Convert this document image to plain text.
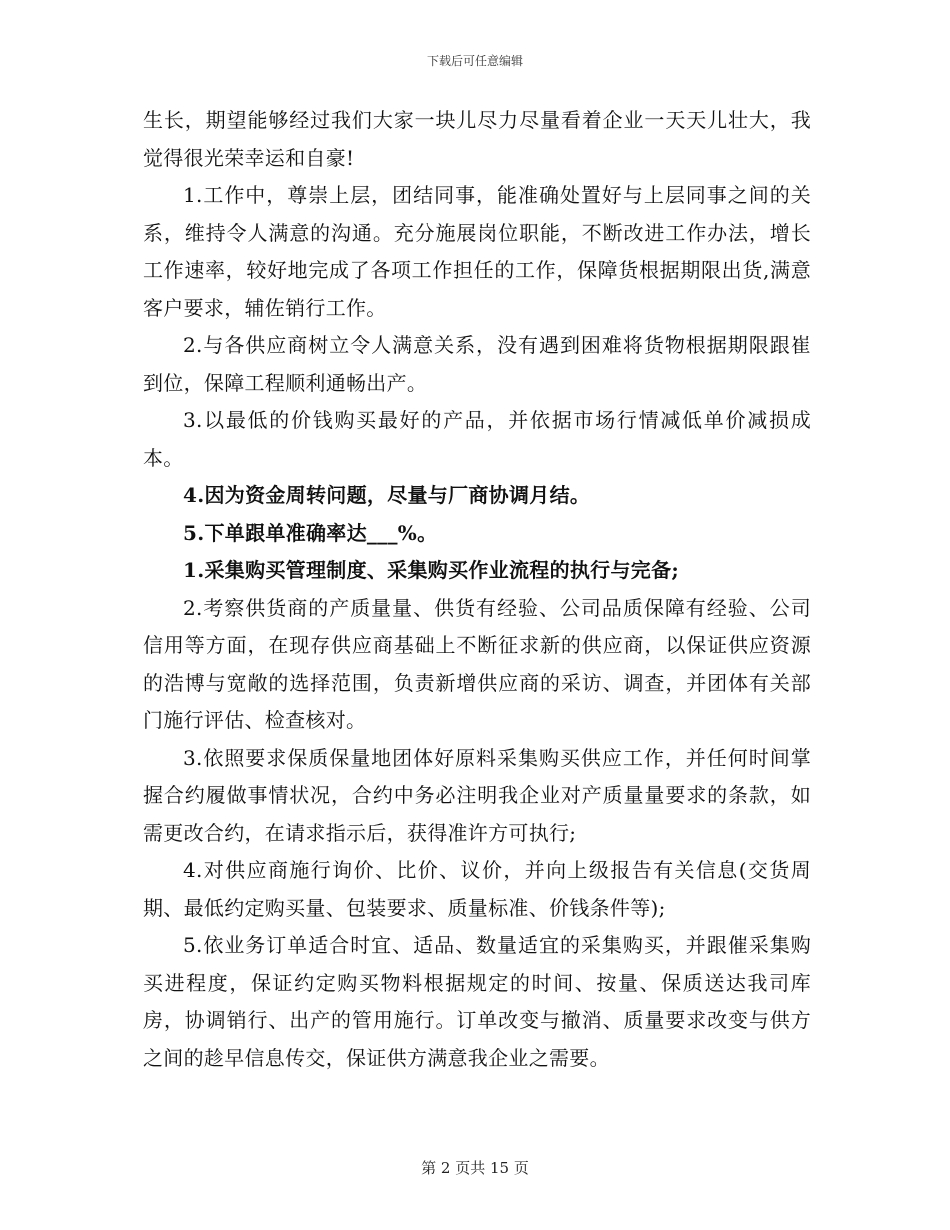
下载后可任意编辑

生长，期望能够经过我们大家一块儿尽力尽量看着企业一天天儿壮大，我觉得很光荣幸运和自豪!

1.工作中，尊崇上层，团结同事，能准确处置好与上层同事之间的关系，维持令人满意的沟通。充分施展岗位职能，不断改进工作办法，增长工作速率，较好地完成了各项工作担任的工作，保障货根据期限出货,满意客户要求，辅佐销行工作。

2.与各供应商树立令人满意关系，没有遇到困难将货物根据期限跟崔到位，保障工程顺利通畅出产。

3.以最低的价钱购买最好的产品，并依据市场行情减低单价减损成本。

4.因为资金周转问题，尽量与厂商协调月结。

5.下单跟单准确率达___%。

1.采集购买管理制度、采集购买作业流程的执行与完备;

2.考察供货商的产质量量、供货有经验、公司品质保障有经验、公司信用等方面，在现存供应商基础上不断征求新的供应商，以保证供应资源的浩博与宽敞的选择范围，负责新增供应商的采访、调查，并团体有关部门施行评估、检查核对。

3.依照要求保质保量地团体好原料采集购买供应工作，并任何时间掌握合约履做事情状况，合约中务必注明我企业对产质量量要求的条款，如需更改合约，在请求指示后，获得准许方可执行;

4.对供应商施行询价、比价、议价，并向上级报告有关信息(交货周期、最低约定购买量、包装要求、质量标准、价钱条件等);

5.依业务订单适合时宜、适品、数量适宜的采集购买，并跟催采集购买进程度，保证约定购买物料根据规定的时间、按量、保质送达我司库房，协调销行、出产的管用施行。订单改变与撤消、质量要求改变与供方之间的趁早信息传交，保证供方满意我企业之需要。

第 2 页共 15 页
